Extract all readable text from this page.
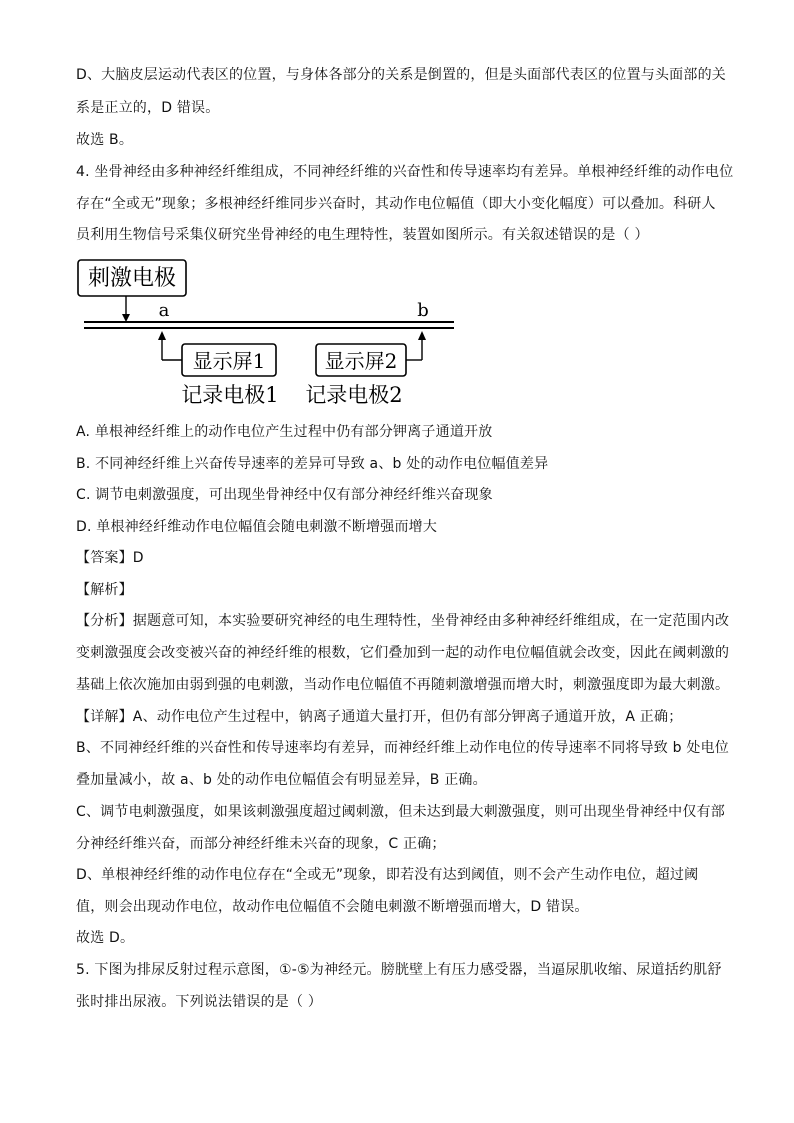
D、大脑皮层运动代表区的位置，与身体各部分的关系是倒置的，但是头面部代表区的位置与头面部的关
系是正立的，D 错误。
故选 B。
4. 坐骨神经由多种神经纤维组成，不同神经纤维的兴奋性和传导速率均有差异。单根神经纤维的动作电位
存在“全或无”现象；多根神经纤维同步兴奋时，其动作电位幅值（即大小变化幅度）可以叠加。科研人
员利用生物信号采集仪研究坐骨神经的电生理特性，装置如图所示。有关叙述错误的是（ ）
刺激电极
a	b
显示屏1	显示屏2
记录电极1 记录电极2
A. 单根神经纤维上的动作电位产生过程中仍有部分钾离子通道开放
B. 不同神经纤维上兴奋传导速率的差异可导致 a、b 处的动作电位幅值差异
C. 调节电刺激强度，可出现坐骨神经中仅有部分神经纤维兴奋现象
D. 单根神经纤维动作电位幅值会随电刺激不断增强而增大
【答案】D
【解析】
【分析】据题意可知，本实验要研究神经的电生理特性，坐骨神经由多种神经纤维组成，在一定范围内改
变刺激强度会改变被兴奋的神经纤维的根数，它们叠加到一起的动作电位幅值就会改变，因此在阈刺激的
基础上依次施加由弱到强的电刺激，当动作电位幅值不再随刺激增强而增大时，刺激强度即为最大刺激。
【详解】A、动作电位产生过程中，钠离子通道大量打开，但仍有部分钾离子通道开放，A 正确；
B、不同神经纤维的兴奋性和传导速率均有差异，而神经纤维上动作电位的传导速率不同将导致 b 处电位
叠加量减小，故 a、b 处的动作电位幅值会有明显差异，B 正确。
C、调节电刺激强度，如果该刺激强度超过阈刺激，但未达到最大刺激强度，则可出现坐骨神经中仅有部
分神经纤维兴奋，而部分神经纤维未兴奋的现象，C 正确；
D、单根神经纤维的动作电位存在“全或无”现象，即若没有达到阈值，则不会产生动作电位，超过阈
值，则会出现动作电位，故动作电位幅值不会随电刺激不断增强而增大，D 错误。
故选 D。
5. 下图为排尿反射过程示意图，①-⑤为神经元。膀胱壁上有压力感受器，当逼尿肌收缩、尿道括约肌舒
张时排出尿液。下列说法错误的是（ ）
